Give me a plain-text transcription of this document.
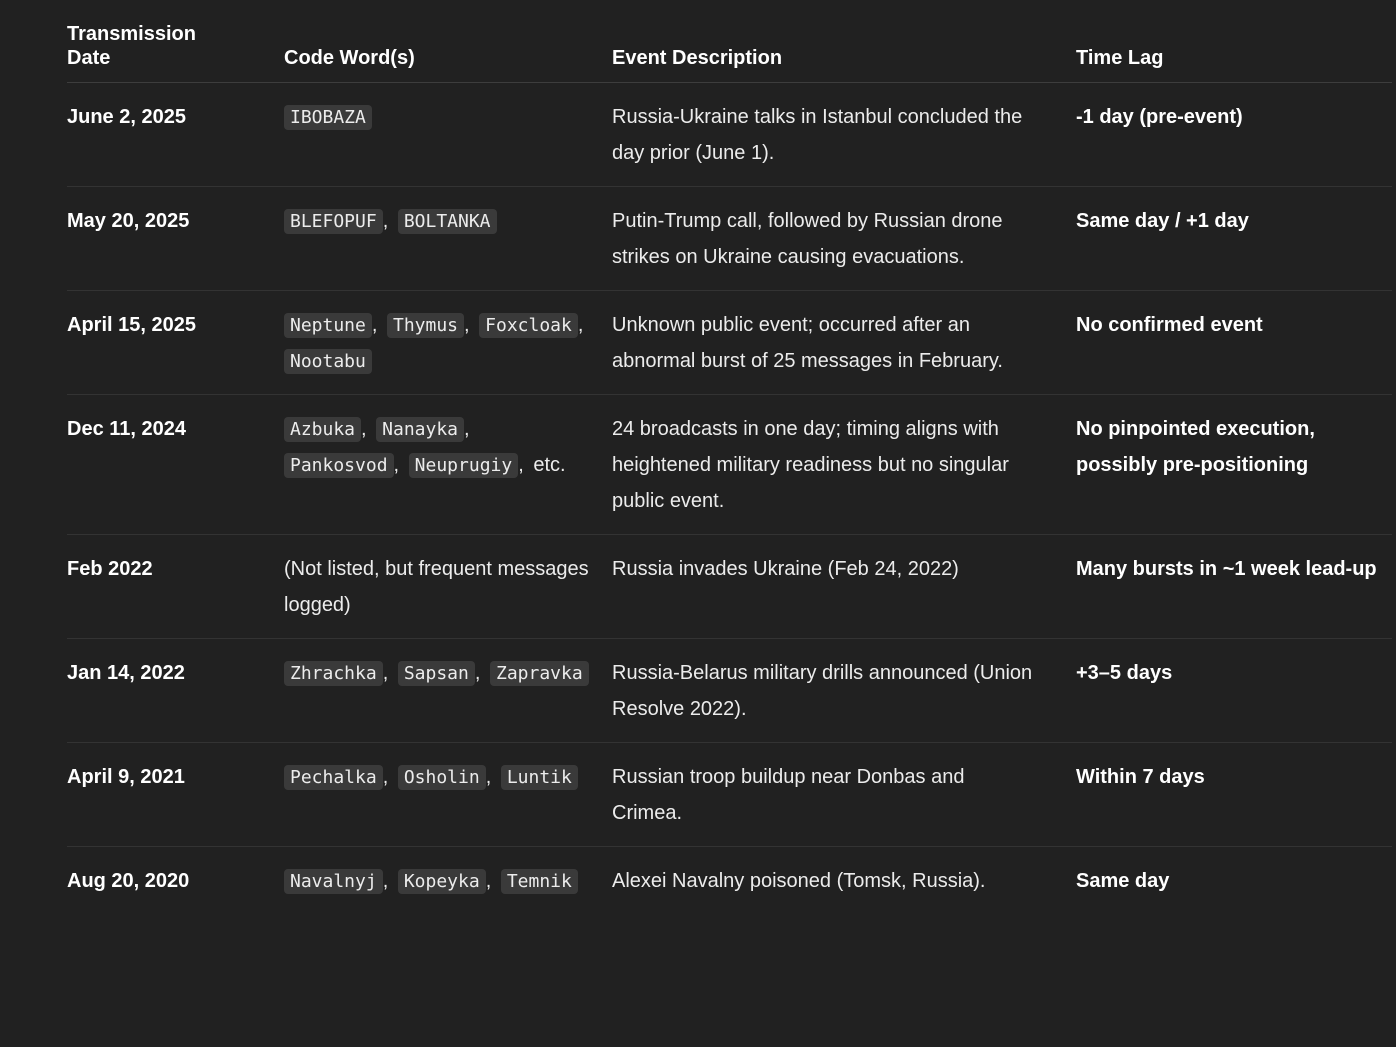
Transmission Date	Code Word(s)	Event Description	Time Lag
June 2, 2025	IBOBAZA	Russia-Ukraine talks in Istanbul concluded the day prior (June 1).	-1 day (pre-event)
May 20, 2025	BLEFOPUF , BOLTANKA	Putin-Trump call, followed by Russian drone strikes on Ukraine causing evacuations.	Same day / +1 day
April 15, 2025	Neptune , Thymus , Foxcloak , Nootabu	Unknown public event; occurred after an abnormal burst of 25 messages in February.	No confirmed event
Dec 11, 2024	Azbuka , Nanayka , Pankosvod , Neuprugiy , etc.	24 broadcasts in one day; timing aligns with heightened military readiness but no singular public event.	No pinpointed execution, possibly pre-positioning
Feb 2022	(Not listed, but frequent messages logged)	Russia invades Ukraine (Feb 24, 2022)	Many bursts in ~1 week lead-up
Jan 14, 2022	Zhrachka , Sapsan , Zapravka	Russia-Belarus military drills announced (Union Resolve 2022).	+3–5 days
April 9, 2021	Pechalka , Osholin , Luntik	Russian troop buildup near Donbas and Crimea.	Within 7 days
Aug 20, 2020	Navalnyj , Kopeyka , Temnik	Alexei Navalny poisoned (Tomsk, Russia).	Same day
